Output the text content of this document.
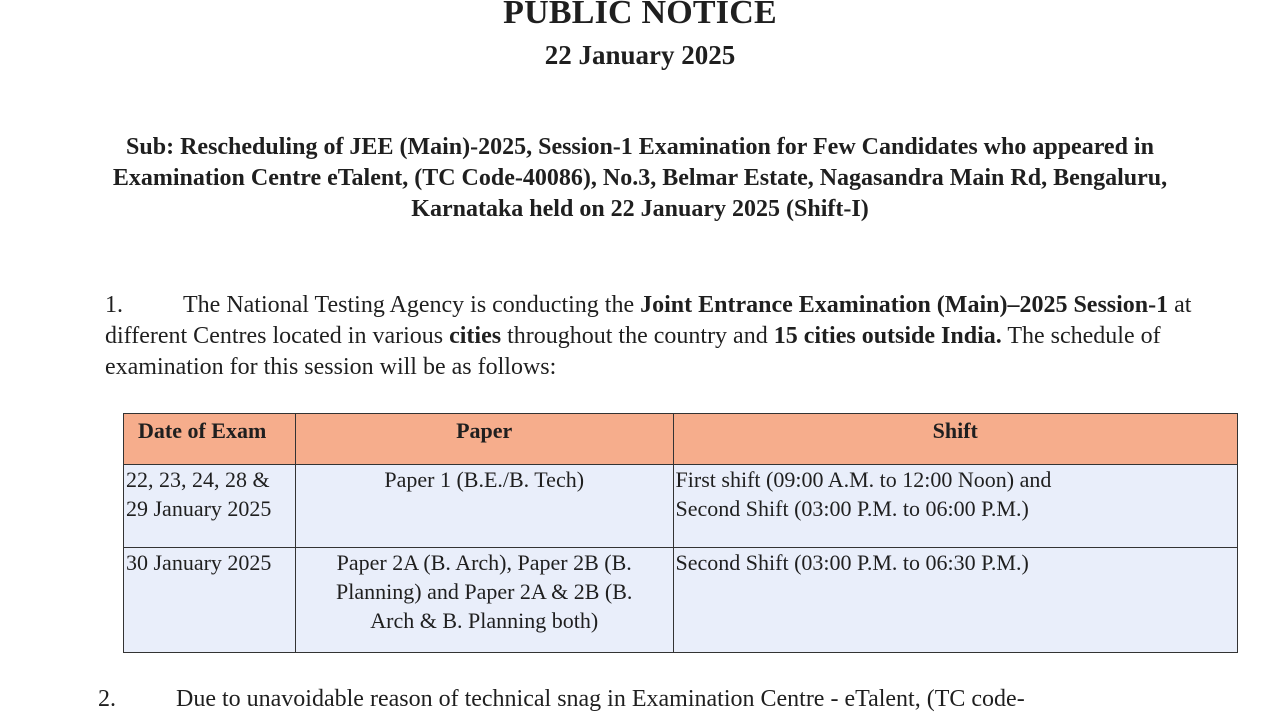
PUBLIC NOTICE
22 January 2025
Sub: Rescheduling of JEE (Main)-2025, Session-1 Examination for Few Candidates who appeared in
Examination Centre eTalent, (TC Code-40086), No.3, Belmar Estate, Nagasandra Main Rd, Bengaluru,
Karnataka held on 22 January 2025 (Shift-I)
1.	The National Testing Agency is conducting the Joint Entrance Examination (Main)–2025 Session-1 at different Centres located in various cities throughout the country and 15 cities outside India. The schedule of examination for this session will be as follows:
Date of Exam	Paper	Shift

22, 23, 24, 28 &
29 January 2025	Paper 1 (B.E./B. Tech)	First shift (09:00 A.M. to 12:00 Noon) and
Second Shift (03:00 P.M. to 06:00 P.M.)

30 January 2025	Paper 2A (B. Arch), Paper 2B (B.
Planning) and Paper 2A & 2B (B.
Arch & B. Planning both)	Second Shift (03:00 P.M. to 06:30 P.M.)
2.	Due to unavoidable reason of technical snag in Examination Centre - eTalent, (TC code-
